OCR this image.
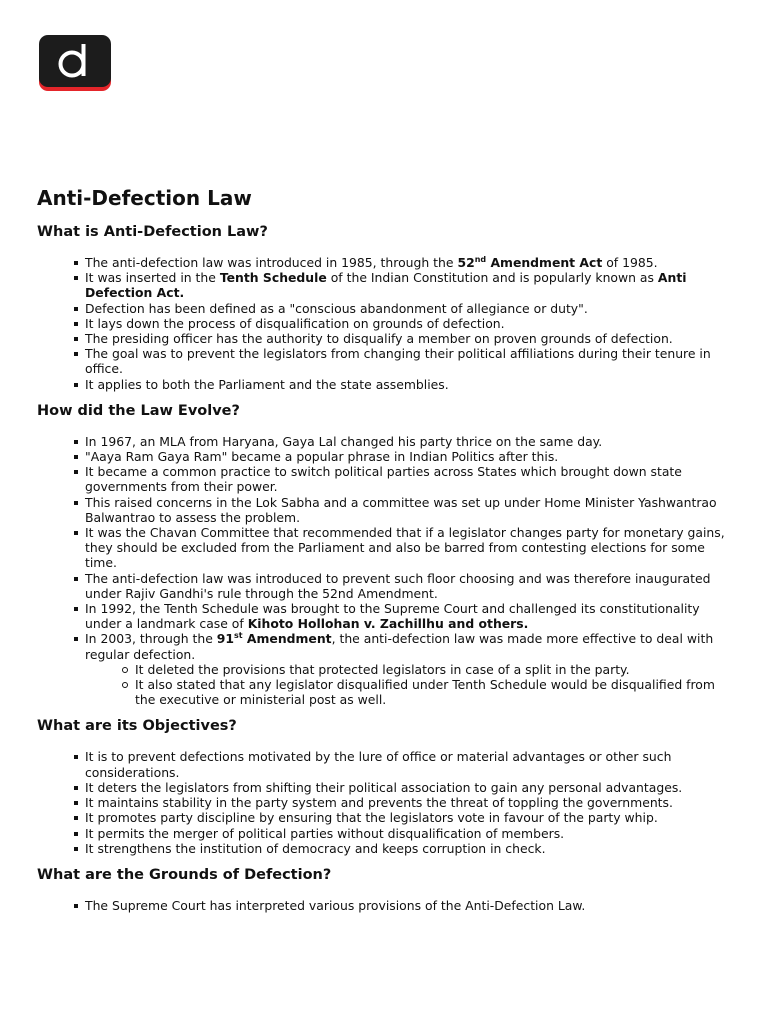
Anti-Defection Law
What is Anti-Defection Law?
The anti-defection law was introduced in 1985, through the 52nd Amendment Act of 1985.
It was inserted in the Tenth Schedule of the Indian Constitution and is popularly known as Anti Defection Act.
Defection has been defined as a "conscious abandonment of allegiance or duty".
It lays down the process of disqualification on grounds of defection.
The presiding officer has the authority to disqualify a member on proven grounds of defection.
The goal was to prevent the legislators from changing their political affiliations during their tenure in office.
It applies to both the Parliament and the state assemblies.
How did the Law Evolve?
In 1967, an MLA from Haryana, Gaya Lal changed his party thrice on the same day.
"Aaya Ram Gaya Ram" became a popular phrase in Indian Politics after this.
It became a common practice to switch political parties across States which brought down state governments from their power.
This raised concerns in the Lok Sabha and a committee was set up under Home Minister Yashwantrao Balwantrao to assess the problem.
It was the Chavan Committee that recommended that if a legislator changes party for monetary gains, they should be excluded from the Parliament and also be barred from contesting elections for some time.
The anti-defection law was introduced to prevent such floor choosing and was therefore inaugurated under Rajiv Gandhi's rule through the 52nd Amendment.
In 1992, the Tenth Schedule was brought to the Supreme Court and challenged its constitutionality under a landmark case of Kihoto Hollohan v. Zachillhu and others.
In 2003, through the 91st Amendment, the anti-defection law was made more effective to deal with regular defection.
It deleted the provisions that protected legislators in case of a split in the party.
It also stated that any legislator disqualified under Tenth Schedule would be disqualified from the executive or ministerial post as well.
What are its Objectives?
It is to prevent defections motivated by the lure of office or material advantages or other such considerations.
It deters the legislators from shifting their political association to gain any personal advantages.
It maintains stability in the party system and prevents the threat of toppling the governments.
It promotes party discipline by ensuring that the legislators vote in favour of the party whip.
It permits the merger of political parties without disqualification of members.
It strengthens the institution of democracy and keeps corruption in check.
What are the Grounds of Defection?
The Supreme Court has interpreted various provisions of the Anti-Defection Law.
